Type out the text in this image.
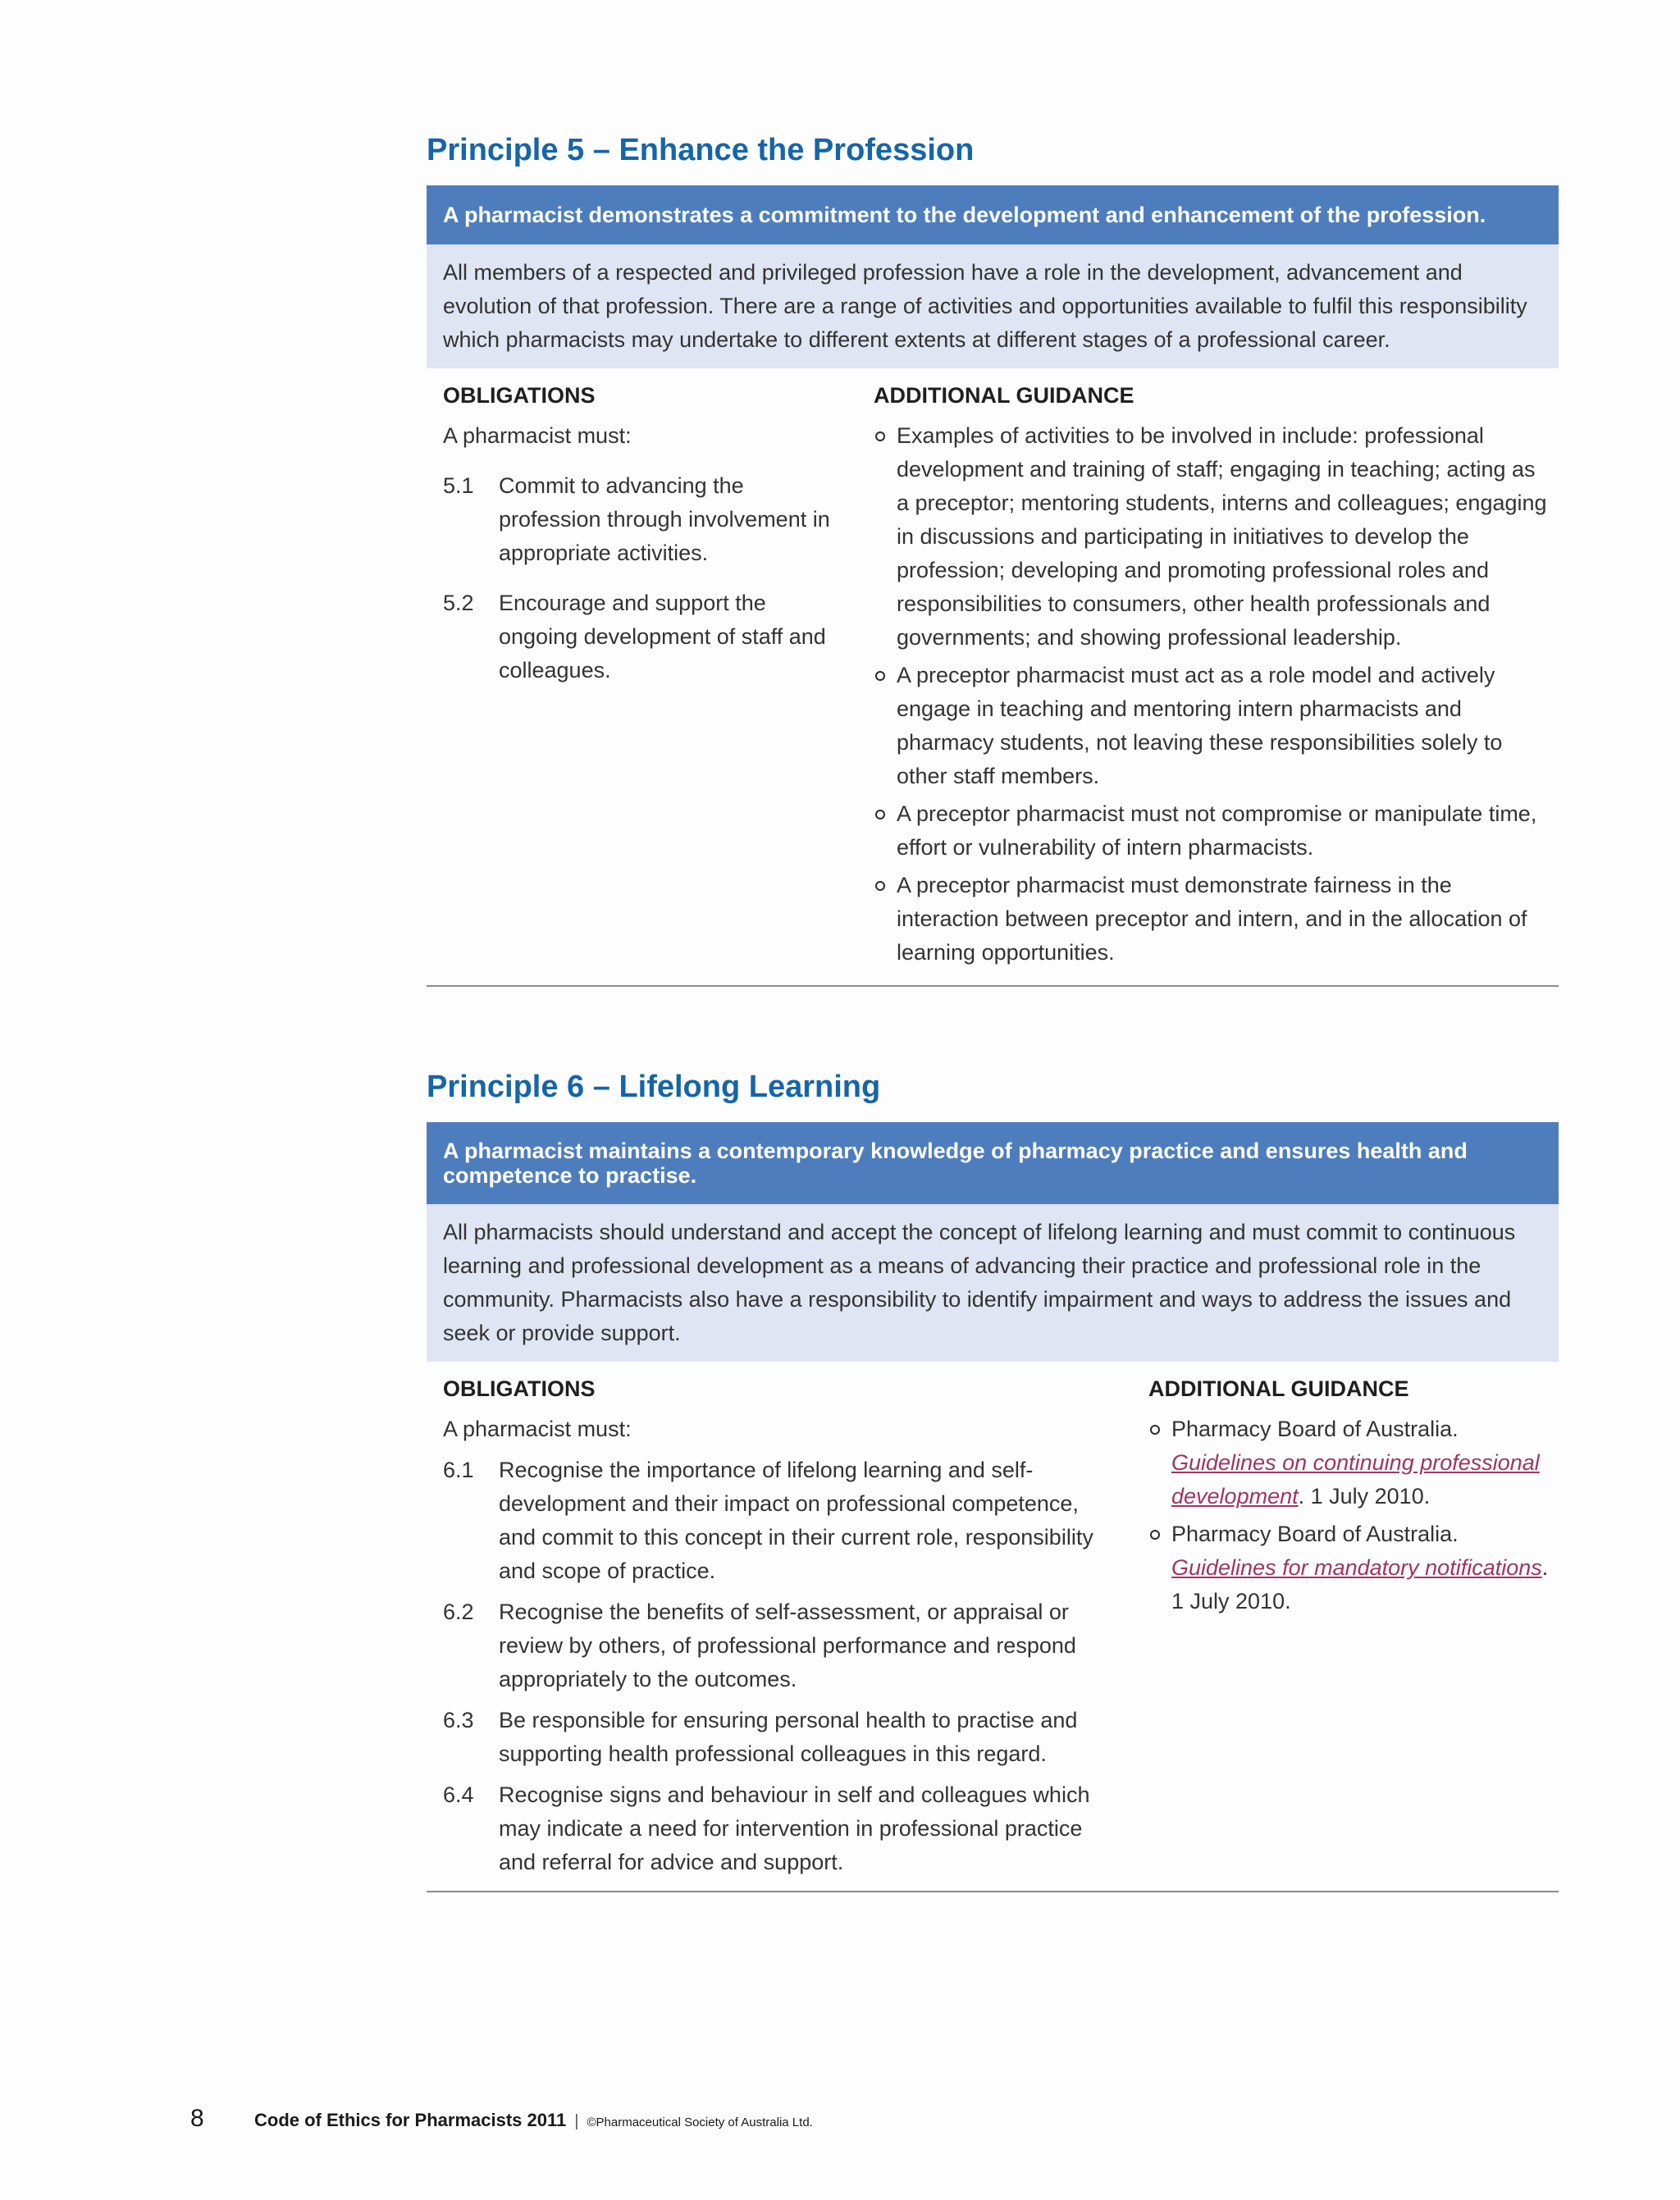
Principle 5 – Enhance the Profession
A pharmacist demonstrates a commitment to the development and enhancement of the profession.
All members of a respected and privileged profession have a role in the development, advancement and evolution of that profession. There are a range of activities and opportunities available to fulfil this responsibility which pharmacists may undertake to different extents at different stages of a professional career.
OBLIGATIONS
A pharmacist must:
5.1	Commit to advancing the profession through involvement in appropriate activities.
5.2	Encourage and support the ongoing development of staff and colleagues.
ADDITIONAL GUIDANCE
Examples of activities to be involved in include: professional development and training of staff; engaging in teaching; acting as a preceptor; mentoring students, interns and colleagues; engaging in discussions and participating in initiatives to develop the profession; developing and promoting professional roles and responsibilities to consumers, other health professionals and governments; and showing professional leadership.
A preceptor pharmacist must act as a role model and actively engage in teaching and mentoring intern pharmacists and pharmacy students, not leaving these responsibilities solely to other staff members.
A preceptor pharmacist must not compromise or manipulate time, effort or vulnerability of intern pharmacists.
A preceptor pharmacist must demonstrate fairness in the interaction between preceptor and intern, and in the allocation of learning opportunities.
Principle 6 – Lifelong Learning
A pharmacist maintains a contemporary knowledge of pharmacy practice and ensures health and competence to practise.
All pharmacists should understand and accept the concept of lifelong learning and must commit to continuous learning and professional development as a means of advancing their practice and professional role in the community. Pharmacists also have a responsibility to identify impairment and ways to address the issues and seek or provide support.
OBLIGATIONS
A pharmacist must:
6.1	Recognise the importance of lifelong learning and self-development and their impact on professional competence, and commit to this concept in their current role, responsibility and scope of practice.
6.2	Recognise the benefits of self-assessment, or appraisal or review by others, of professional performance and respond appropriately to the outcomes.
6.3	Be responsible for ensuring personal health to practise and supporting health professional colleagues in this regard.
6.4	Recognise signs and behaviour in self and colleagues which may indicate a need for intervention in professional practice and referral for advice and support.
ADDITIONAL GUIDANCE
Pharmacy Board of Australia. Guidelines on continuing professional development. 1 July 2010.
Pharmacy Board of Australia. Guidelines for mandatory notifications. 1 July 2010.
8	Code of Ethics for Pharmacists 2011 | ©Pharmaceutical Society of Australia Ltd.
